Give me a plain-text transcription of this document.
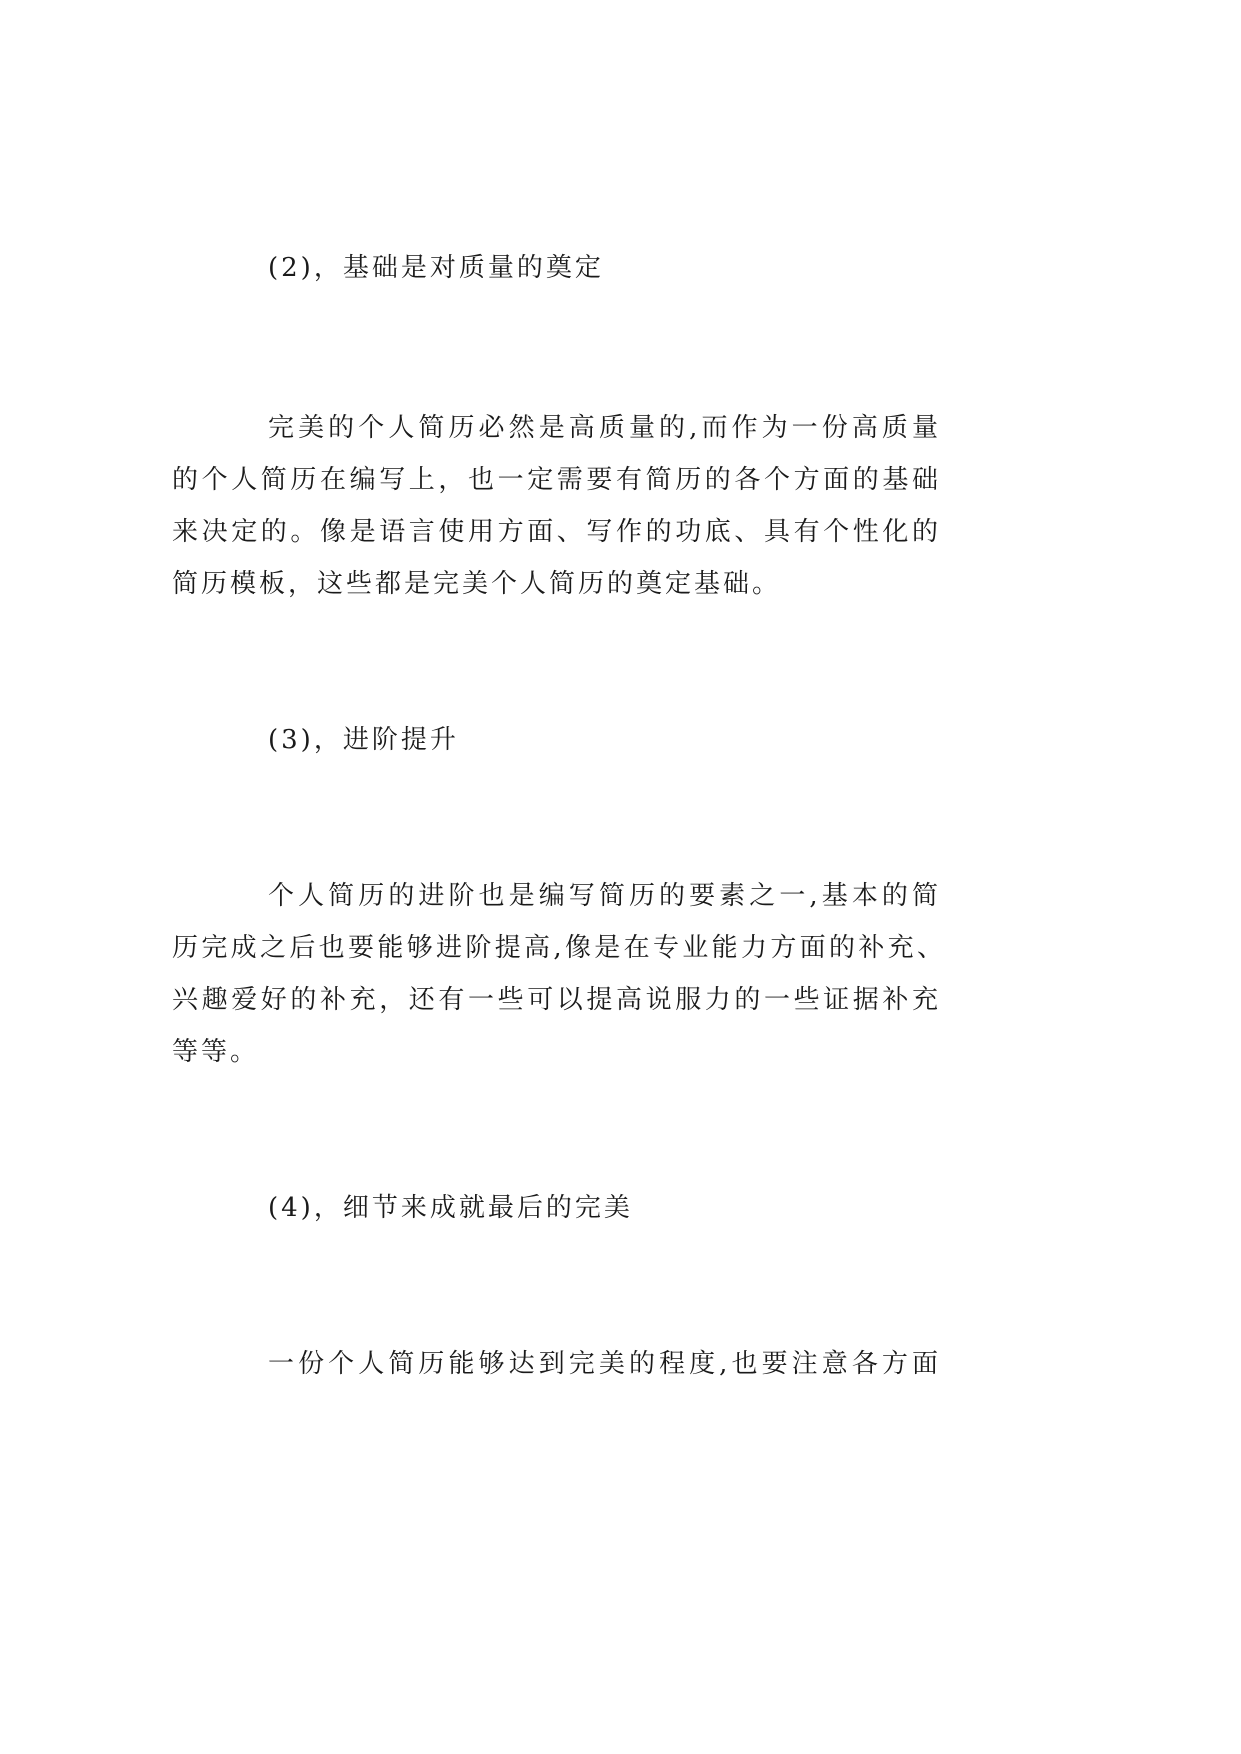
(2)，基础是对质量的奠定
完美的个人简历必然是高质量的,而作为一份高质量
的个人简历在编写上，也一定需要有简历的各个方面的基础
来决定的。像是语言使用方面、写作的功底、具有个性化的
简历模板，这些都是完美个人简历的奠定基础。
(3)，进阶提升
个人简历的进阶也是编写简历的要素之一,基本的简
历完成之后也要能够进阶提高,像是在专业能力方面的补充、
兴趣爱好的补充，还有一些可以提高说服力的一些证据补充
等等。
(4)，细节来成就最后的完美
一份个人简历能够达到完美的程度,也要注意各方面
